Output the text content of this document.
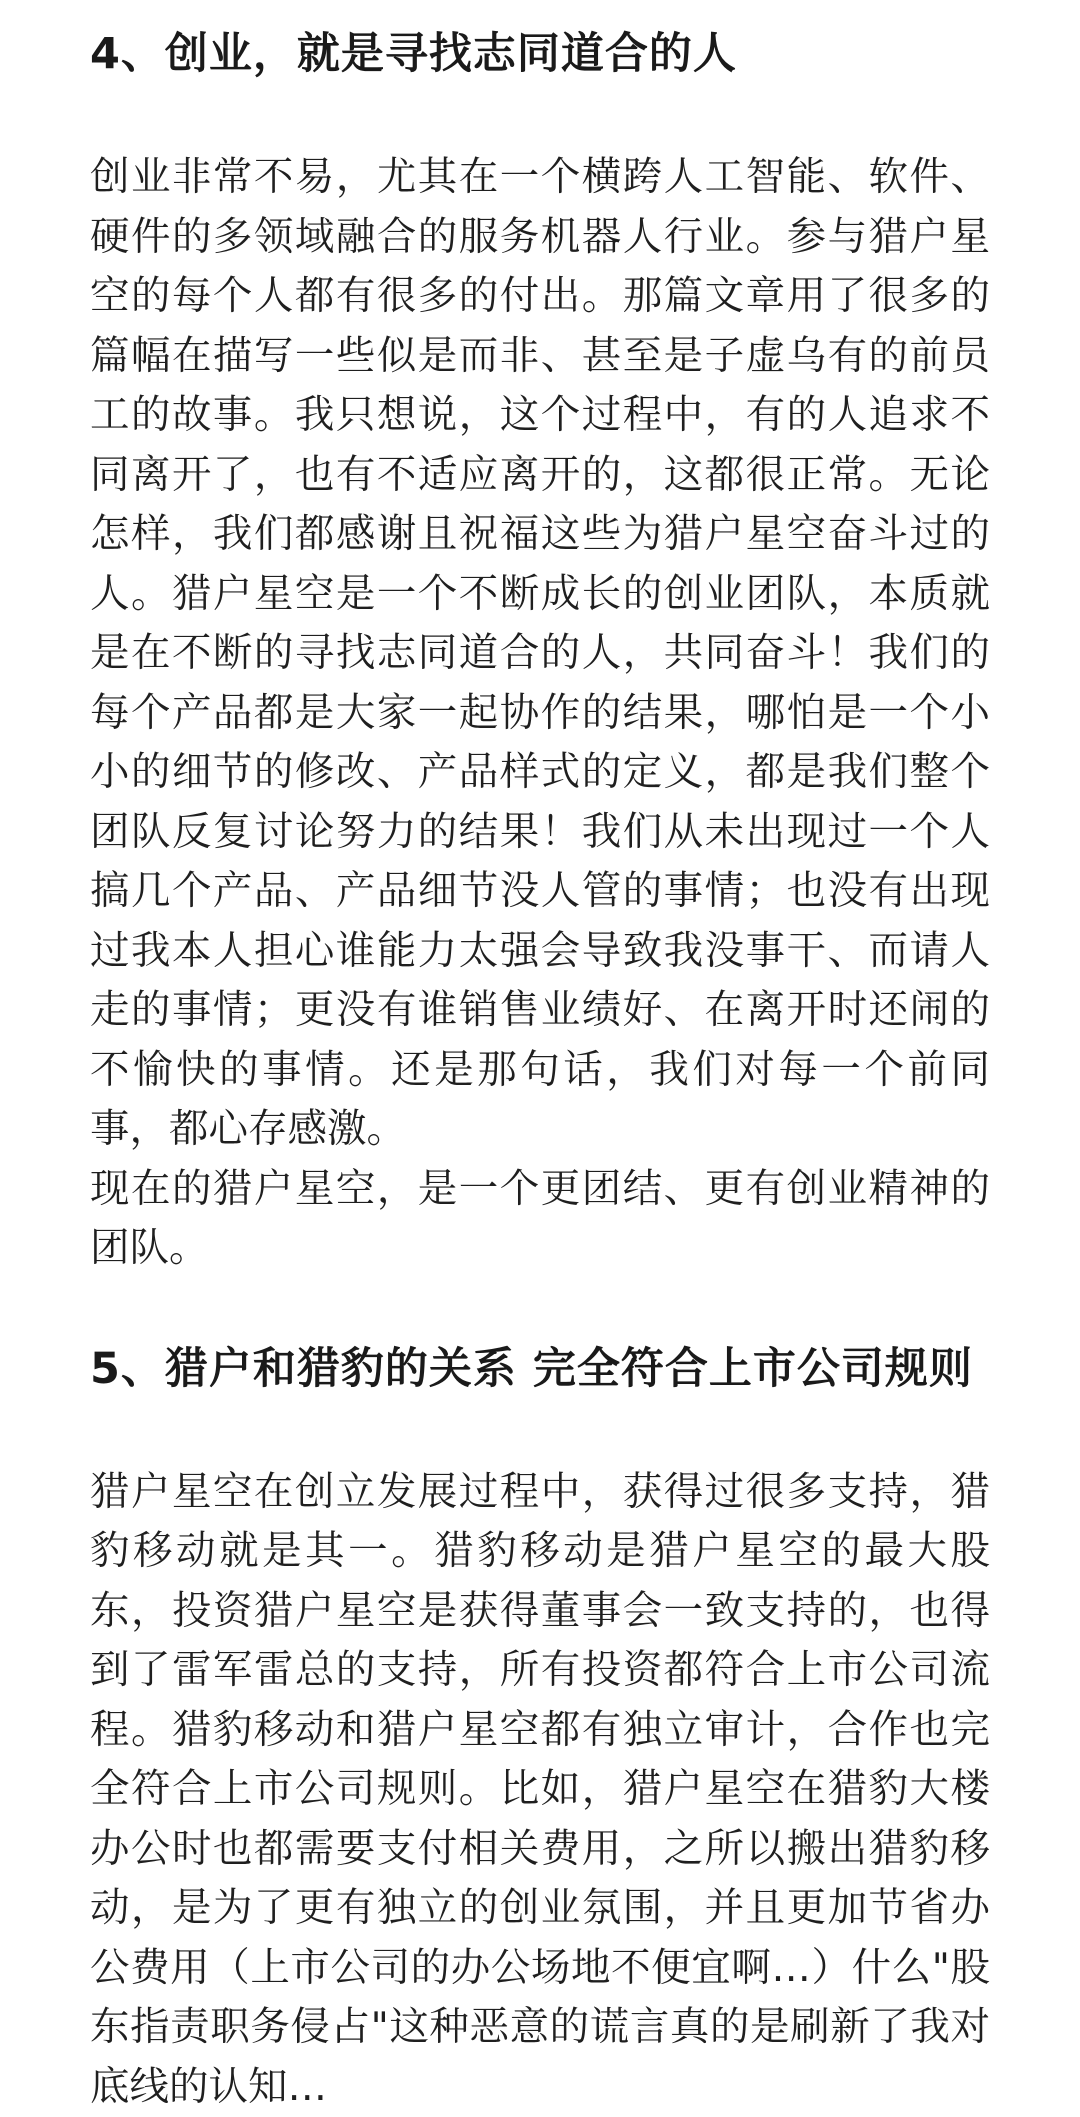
4、创业，就是寻找志同道合的人

创业非常不易，尤其在一个横跨人工智能、软件、硬件的多领域融合的服务机器人行业。参与猎户星空的每个人都有很多的付出。那篇文章用了很多的篇幅在描写一些似是而非、甚至是子虚乌有的前员工的故事。我只想说，这个过程中，有的人追求不同离开了，也有不适应离开的，这都很正常。无论怎样，我们都感谢且祝福这些为猎户星空奋斗过的人。猎户星空是一个不断成长的创业团队，本质就是在不断的寻找志同道合的人，共同奋斗！我们的每个产品都是大家一起协作的结果，哪怕是一个小小的细节的修改、产品样式的定义，都是我们整个团队反复讨论努力的结果！我们从未出现过一个人搞几个产品、产品细节没人管的事情；也没有出现过我本人担心谁能力太强会导致我没事干、而请人走的事情；更没有谁销售业绩好、在离开时还闹的不愉快的事情。还是那句话，我们对每一个前同事，都心存感激。

现在的猎户星空，是一个更团结、更有创业精神的团队。

5、猎户和猎豹的关系 完全符合上市公司规则

猎户星空在创立发展过程中，获得过很多支持，猎豹移动就是其一。猎豹移动是猎户星空的最大股东，投资猎户星空是获得董事会一致支持的，也得到了雷军雷总的支持，所有投资都符合上市公司流程。猎豹移动和猎户星空都有独立审计，合作也完全符合上市公司规则。比如，猎户星空在猎豹大楼办公时也都需要支付相关费用，之所以搬出猎豹移动，是为了更有独立的创业氛围，并且更加节省办公费用（上市公司的办公场地不便宜啊…）什么"股东指责职务侵占"这种恶意的谎言真的是刷新了我对底线的认知…
